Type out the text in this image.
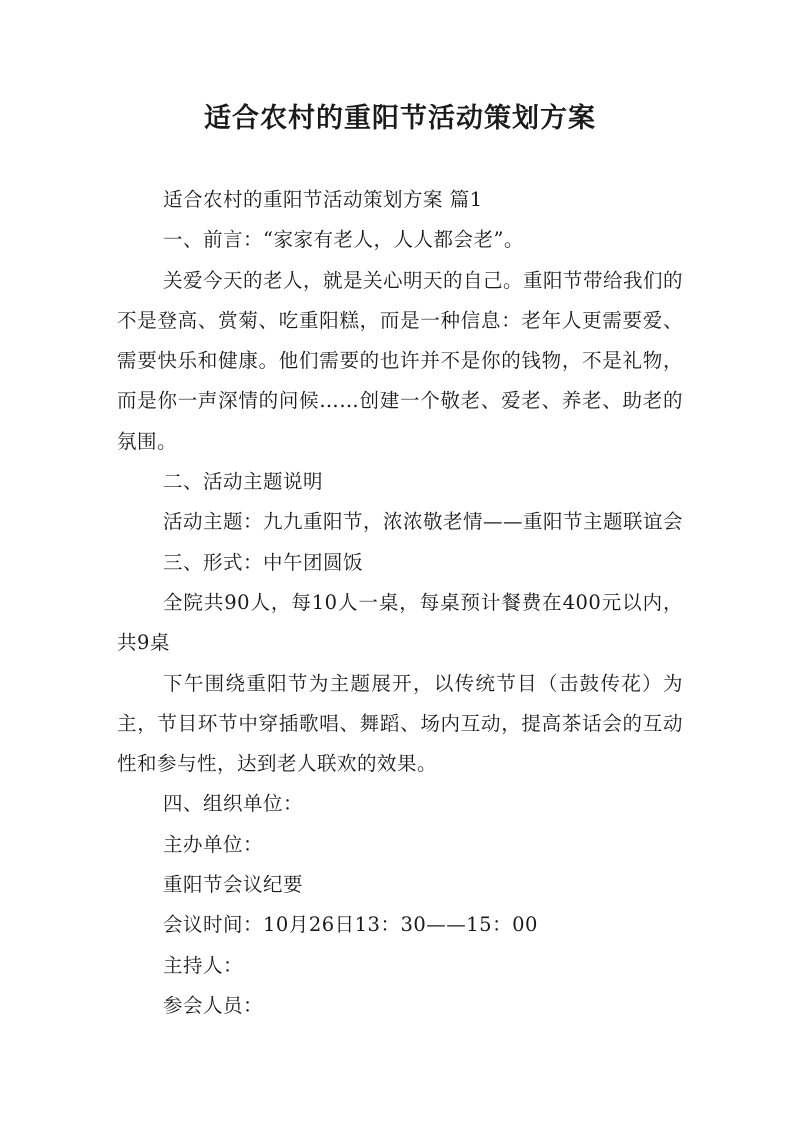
适合农村的重阳节活动策划方案

适合农村的重阳节活动策划方案 篇1

一、前言：“家家有老人，人人都会老”。

关爱今天的老人，就是关心明天的自己。重阳节带给我们的不是登高、赏菊、吃重阳糕，而是一种信息：老年人更需要爱、需要快乐和健康。他们需要的也许并不是你的钱物，不是礼物，而是你一声深情的问候……创建一个敬老、爱老、养老、助老的氛围。

二、活动主题说明

活动主题：九九重阳节，浓浓敬老情——重阳节主题联谊会

三、形式：中午团圆饭

全院共90人，每10人一桌，每桌预计餐费在400元以内，共9桌

下午围绕重阳节为主题展开，以传统节目（击鼓传花）为主，节目环节中穿插歌唱、舞蹈、场内互动，提高茶话会的互动性和参与性，达到老人联欢的效果。

四、组织单位：

主办单位：

重阳节会议纪要

会议时间：10月26日13：30——15：00

主持人：

参会人员：
